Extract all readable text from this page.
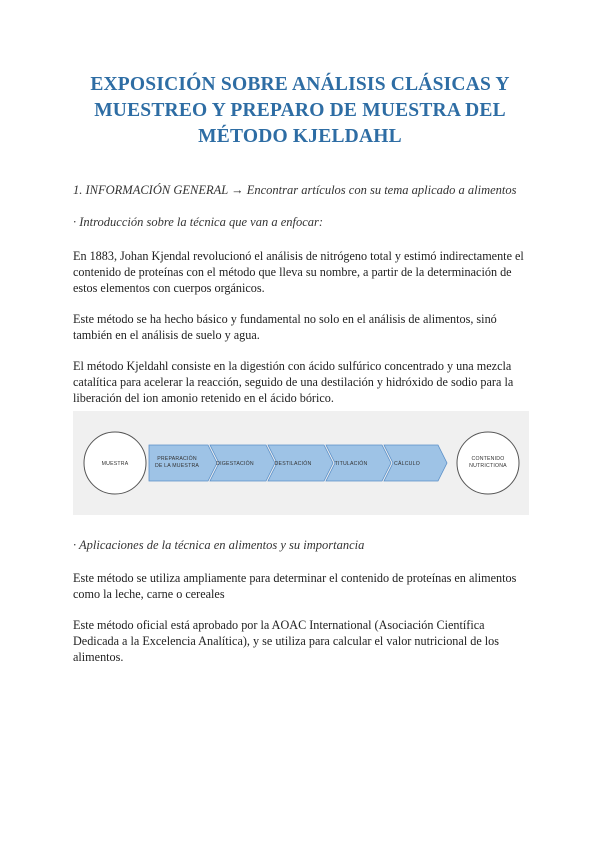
EXPOSICIÓN SOBRE ANÁLISIS CLÁSICAS Y
MUESTREO Y PREPARO DE MUESTRA DEL
MÉTODO KJELDAHL
1. INFORMACIÓN GENERAL → Encontrar artículos con su tema aplicado a alimentos
· Introducción sobre la técnica que van a enfocar:
En 1883, Johan Kjendal revolucionó el análisis de nitrógeno total y estimó indirectamente el
contenido de proteínas con el método que lleva su nombre, a partir de la determinación de
estos elementos con cuerpos orgánicos.
Este método se ha hecho básico y fundamental no solo en el análisis de alimentos, sinó
también en el análisis de suelo y agua.
El método Kjeldahl consiste en la digestión con ácido sulfúrico concentrado y una mezcla
catalítica para acelerar la reacción, seguido de una destilación y hidróxido de sodio para la
liberación del ion amonio retenido en el ácido bórico.
MUESTRA
PREPARACIÓN
DE LA MUESTRA	DIGESTACIÓN	DESTILACIÓN	TITULACIÓN	CÁLCULO
CONTENIDO
NUTRICTIONA
· Aplicaciones de la técnica en alimentos y su importancia
Este método se utiliza ampliamente para determinar el contenido de proteínas en alimentos
como la leche, carne o cereales
Este método oficial está aprobado por la AOAC International (Asociación Científica
Dedicada a la Excelencia Analítica), y se utiliza para calcular el valor nutricional de los
alimentos.
